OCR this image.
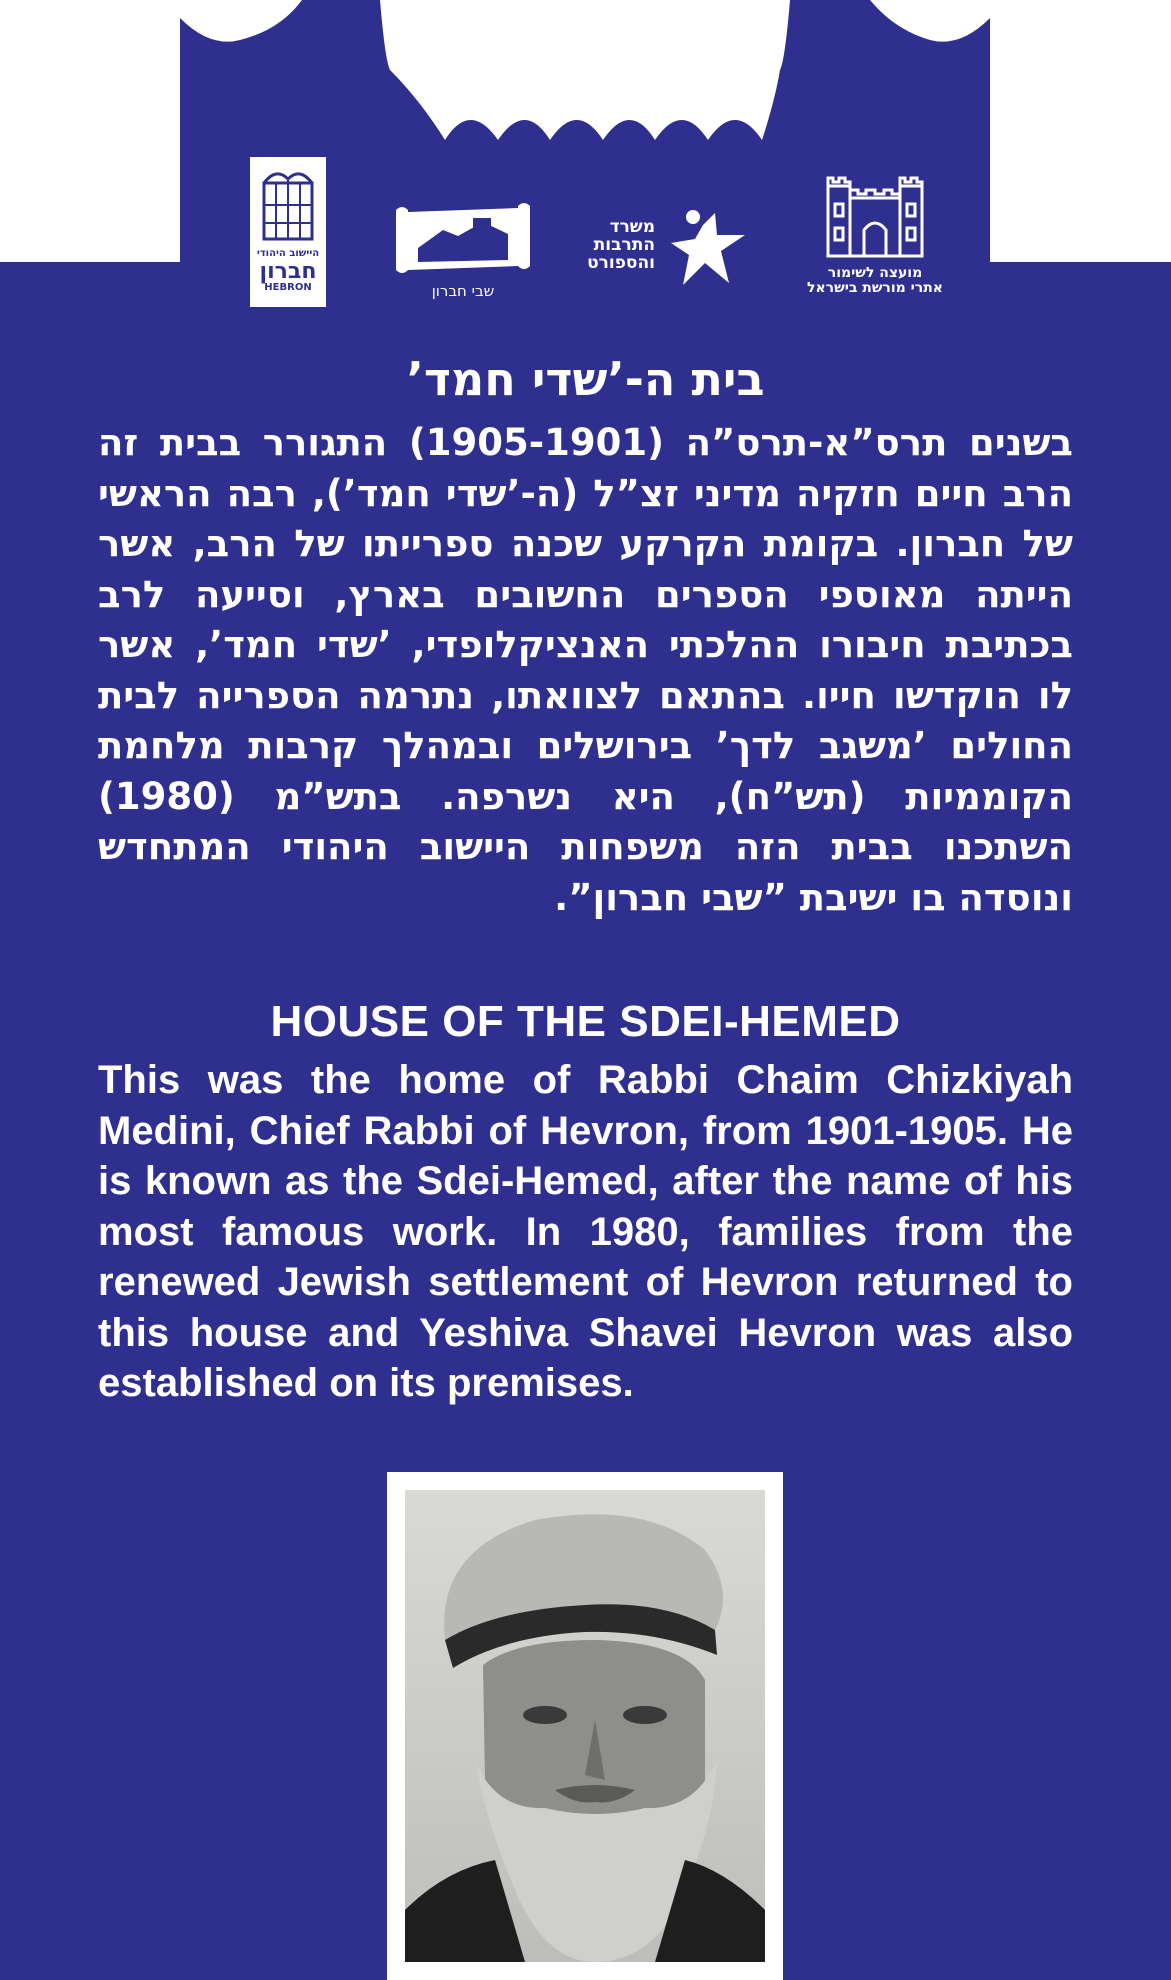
היישוב היהודי
חברון
HEBRON	שבי חברון
משרד
התרבות
והספורט
מועצה לשימור
אתרי מורשת בישראל
בית ה-’שדי חמד’
בשנים תרס”א-תרס”ה (1905-1901) התגורר בבית זה הרב חיים חזקיה מדיני זצ”ל (ה-’שדי חמד’), רבה הראשי של חברון. בקומת הקרקע שכנה ספרייתו של הרב, אשר הייתה מאוספי הספרים החשובים בארץ, וסייעה לרב בכתיבת חיבורו ההלכתי האנציקלופדי, ’שדי חמד’, אשר לו הוקדשו חייו. בהתאם לצוואתו, נתרמה הספרייה לבית החולים ’משגב לדך’ בירושלים ובמהלך קרבות מלחמת הקוממיות (תש”ח), היא נשרפה. בתש”מ (1980) השתכנו בבית הזה משפחות היישוב היהודי המתחדש ונוסדה בו ישיבת ”שבי חברון”.
HOUSE OF THE SDEI-HEMED
This was the home of Rabbi Chaim Chizkiyah Medini, Chief Rabbi of Hevron, from 1901-1905. He is known as the Sdei-Hemed, after the name of his most famous work. In 1980, families from the renewed Jewish settlement of Hevron returned to this house and Yeshiva Shavei Hevron was also established on its premises.
